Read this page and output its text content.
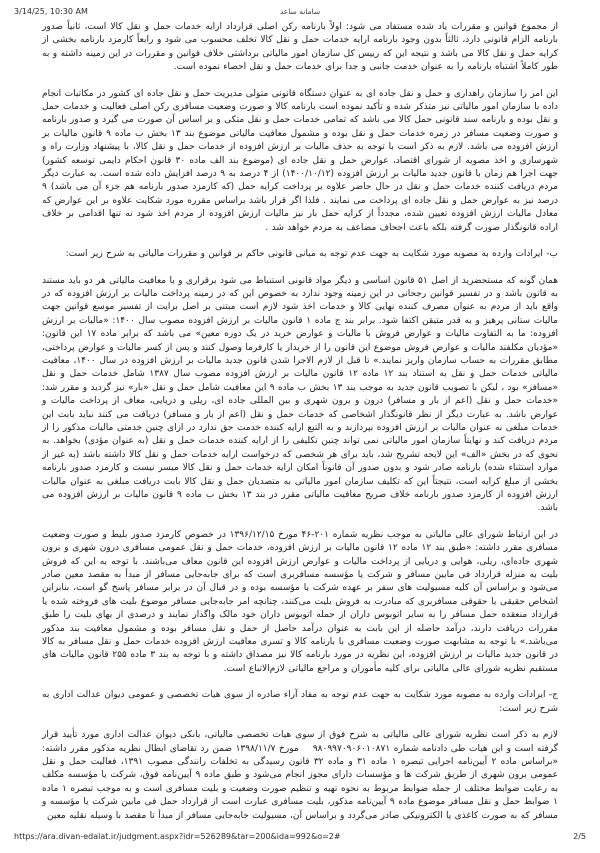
3/14/25, 10:30 AM	سامانه ساعد

از مجموع قوانین و مقررات یاد شده مستفاد می شود: اولاً بارنامه رکن اصلی قرارداد ارایه خدمات حمل و نقل کالا است، ثانیاً صدور بارنامه الزام قانونی دارد، ثالثاً بدون وجود بارنامه ارایه خدمات حمل و نقل کالا تخلف محسوب می شود و رابعاً کارمزد بارنامه بخشی از کرایه حمل و نقل کالا می باشد و نتیجه این که رییس کل سازمان امور مالیاتی برداشتی خلاف قوانین و مقررات در این زمینه داشته و به طور کاملاً اشتباه بارنامه را به عنوان خدمت جانبی و جدا برای خدمات حمل و نقل احصاء نموده است.

این امر را سازمان راهداری و حمل و نقل جاده ای به عنوان دستگاه قانونی متولی مدیریت حمل و نقل جاده ای کشور در مکاتبات انجام داده با سازمان امور مالیاتی نیز متذکر شده و تأکید نموده است بارنامه کالا و صورت وضعیت مسافری رکن اصلی فعالیت و خدمات حمل و نقل بوده و بارنامه سند قانونی حمل کالا می باشد که تمامی خدمات حمل و نقل متکی و بر اساس آن صورت می گیرد و صدور بارنامه و صورت وضعیت مسافر در زمره خدمات حمل و نقل بوده و مشمول معافیت مالیاتی موضوع بند ۱۳ بخش ب ماده ۹ قانون مالیات بر ارزش افزوده می باشد. لازم به ذکر است با توجه به حذف مالیات بر ارزش افزوده از خدمات حمل و نقل کالا، با پیشنهاد وزارت راه و شهرسازی و اخذ مصوبه از شورای اقتصاد، عوارض حمل و نقل جاده ای (موضوع بند الف ماده ۳۰ قانون احکام دایمی توسعه کشور) جهت اجرا هم زمان با قانون جدید مالیات بر ارزش افزوده (۱۴۰۰/۱۰/۱۲) از ۴ درصد به ۹ درصد افزایش داده شده است. به عبارت دیگر مردم دریافت کننده خدمات حمل و نقل در حال حاضر علاوه بر پرداخت کرایه حمل (که کارمزد صدور بارنامه هم جزء آن می باشد) ۹ درصد نیز به عوارض حمل و نقل جاده ای پرداخت می نمایند . فلذا اگر قرار باشد براساس مقرره مورد شکایت علاوه بر این عوارض که معادل مالیات ارزش افزوده تعیین شده، مجدداً از کرایه حمل بار نیز مالیات ارزش افزوده از مردم اخذ شود نه تنها اقدامی بر خلاف اراده قانونگذار صورت گرفته بلکه باعث اجحاف مضاعف به مردم خواهد شد .

ب- ایرادات وارده به مصوبه مورد شکایت به جهت عدم توجه به مبانی قانونی حاکم بر قوانین و مقررات مالیاتی به شرح زیر است:

همان گونه که مستحضرید از اصل ۵۱ قانون اساسی و دیگر مواد قانونی استنباط می شود برقراری و یا معافیت مالیاتی هر دو باید مستند به قانون باشد و در تفسیر قوانین رجحانی در این زمینه وجود ندارد به خصوص این که در زمینه پرداخت مالیات بر ارزش افزوده که در واقع باید از مردم به عنوان مصرف کننده نهایی کالا و خدمات اخذ شود لازم است مبتنی بر اصل برایت از تفسیر موسع قوانین جهت مالیات ستانی پرهیز و به قدر متیقن اکتفا شود. برابر بند ج ماده ۱ قانون مالیات بر ارزش افزوده مصوب سال ۱۴۰۰: «مالیات بر ارزش افزوده: ما به التفاوت مالیات و عوارض فروش با مالیات و عوارض خرید در یک دوره معین» می باشد که برابر ماده ۱۷ این قانون: «مؤدیان مکلفند مالیات و عوارض فروش موضوع این قانون را از خریدار یا کارفرما وصول کنند و پس از کسر مالیات و عوارض پرداختی، مطابق مقررات به حساب سازمان واریز نمایند.» تا قبل از لازم الاجرا شدن قانون جدید مالیات بر ارزش افزوده در سال ۱۴۰۰، معافیت مالیاتی خدمات حمل و نقل به استناد بند ۱۲ ماده ۱۲ قانون مالیات بر ارزش افزوده مصوب سال ۱۳۸۷ شامل خدمات حمل و نقل «مسافر» بود ، لیکن با تصویب قانون جدید به موجب بند ۱۳ بخش ب ماده ۹ این معافیت شامل حمل و نقل «بار» نیز گردید و مقرر شد: «خدمات حمل و نقل (اعم از بار و مسافر) درون و برون شهری و بین المللی جاده ای، ریلی و دریایی، معاف از پرداخت مالیات و عوارض باشد. به عبارت دیگر از نظر قانونگذار اشخاصی که خدمات حمل و نقل (اعم از بار و مسافر) دریافت می کنند نباید بابت این خدمات مبلغی به عنوان مالیات بر ارزش افزوده بپردازند و به التبع ارایه کننده خدمت حق ندارد در ازای چنین خدمتی مالیات مذکور را از مردم دریافت کند و نهایتاً سازمان امور مالیاتی نمی تواند چنین تکلیفی را از ارایه کننده خدمات حمل و نقل (به عنوان مؤدی) بخواهد. به نحوی که در بخش «الف» این لایحه تشریح شد، باید برای هر شخصی که درخواست ارایه خدمات حمل و نقل کالا داشته باشد (به غیر از موارد استثناء شده) بارنامه صادر شود و بدون صدور آن قانوناً امکان ارایه خدمات حمل و نقل کالا میسر نیست و کارمزد صدور بارنامه بخشی از مبلغ کرایه است، نتیجتاً این که تکلیف سازمان امور مالیاتی به متصدیان حمل و نقل کالا بابت دریافت مبلغی به عنوان مالیات ارزش افزوده از کارمزد صدور بارنامه خلاف صریح معافیت مالیاتی مقرر در بند ۱۳ بخش ب ماده ۹ قانون مالیات بر ارزش افزوده می باشد.

در این ارتباط شورای عالی مالیاتی به موجب نظریه شماره ۲۰۱-۴۶ مورخ ۱۳۹۶/۱۲/۱۵ در خصوص کارمزد صدور بلیط و صورت وضعیت مسافری مقرر داشته: «طبق بند ۱۲ ماده ۱۲ قانون مالیات بر ارزش افزوده، خدمات حمل و نقل عمومی مسافری درون شهری و برون شهری جاده‌ای، ریلی، هوایی و دریایی از پرداخت مالیات و عوارض ارزش افزوده این قانون معاف می‌باشند. با توجه به این که فروش بلیت به منزله قرارداد فی مابین مسافر و شرکت یا مؤسسه مسافربری است که برای جابه‌جایی مسافر از مبدأ به مقصد معین صادر می‌شود و براساس آن کلیه مسیولیت های سفر بر عهده شرکت یا مؤسسه بوده و در قبال آن در برابر مسافر پاسخ گو است، بنابراین اشخاص حقیقی یا حقوقی مسافربری که مبادرت به فروش بلیت می‌کنند، چنانچه امر جابه‌جایی مسافر موضوع بلیت های فروخته شده یا قرارداد منعقده حمل مسافر را به سایر اتوبوس داران از جمله اتوبوس داران خود مالک واگذار نمایند و درصدی از بهای بلیت را طبق مقررات دریافت دارند، درآمد حاصله از این بابت به عنوان درآمد حاصل از حمل و نقل مسافر بوده و مشمول معافیت بند مذکور می‌باشد.» با توجه به مشابهت صورت وضعیت مسافری با بارنامه کالا و تسری معافیت ارزش افزوده خدمات حمل و نقل مسافر به کالا در قانون جدید مالیات بر ارزش افزوده، این نظریه در مورد بارنامه کالا نیز مصداق داشته و با توجه به بند ۳ ماده ۲۵۵ قانون مالیات های مستقیم نظریه شورای عالی مالیاتی برای کلیه مأموران و مراجع مالیاتی لازم‌الاتباع است.

ج- ایرادات وارده به مصوبه مورد شکایت به جهت عدم توجه به مفاد آراء صادره از سوی هیات تخصصی و عمومی دیوان عدالت اداری به شرح زیر است:

لازم به ذکر است نظریه شورای عالی مالیاتی به شرح فوق از سوی هیات تخصصی مالیاتی، بانکی دیوان عدالت اداری مورد تأیید قرار گرفته است و این هیات طی دادنامه شماره ۹۸۰۹۹۷۰۹۰۶۰۱۰۸۷۱    مورخ ۱۳۹۸/۱۱/۷ ضمن رد تقاضای ابطال نظریه مذکور مقرر داشته: «براساس ماده ۲ آیین‌نامه اجرایی تبصره ۱ ماده ۳۱ و ماده ۳۲ قانون رسیدگی به تخلفات رانندگی مصوب ۱۳۹۱، فعالیت حمل و نقل عمومی برون شهری از طریق شرکت ها و مؤسسات دارای مجوز انجام می‌شود و طبق ماده ۹ آیین‌نامه فوق، شرکت یا مؤسسه مکلف به رعایت ضوابط مختلف از جمله ضوابط مربوط به نحوه تهیه و تنظیم صورت وضعیت و بلیت مسافری است و به موجب تبصره ۱ ماده ۱ ضوابط حمل و نقل مسافر موضوع ماده ۹ آیین‌نامه مذکور، بلیت مسافری عبارت است از قرارداد حمل فی مابین شرکت یا مؤسسه و مسافر که به صورت کاغذی یا الکترونیکی صادر می‌گردد و براساس آن، مسیولیت جابه‌جایی مسافر از مبدأ تا مقصد با وسیله نقلیه معین

https://ara.divan-edalat.ir/judgment.aspx?idr=526289&tar=200&ida=992&o=2#	2/5
